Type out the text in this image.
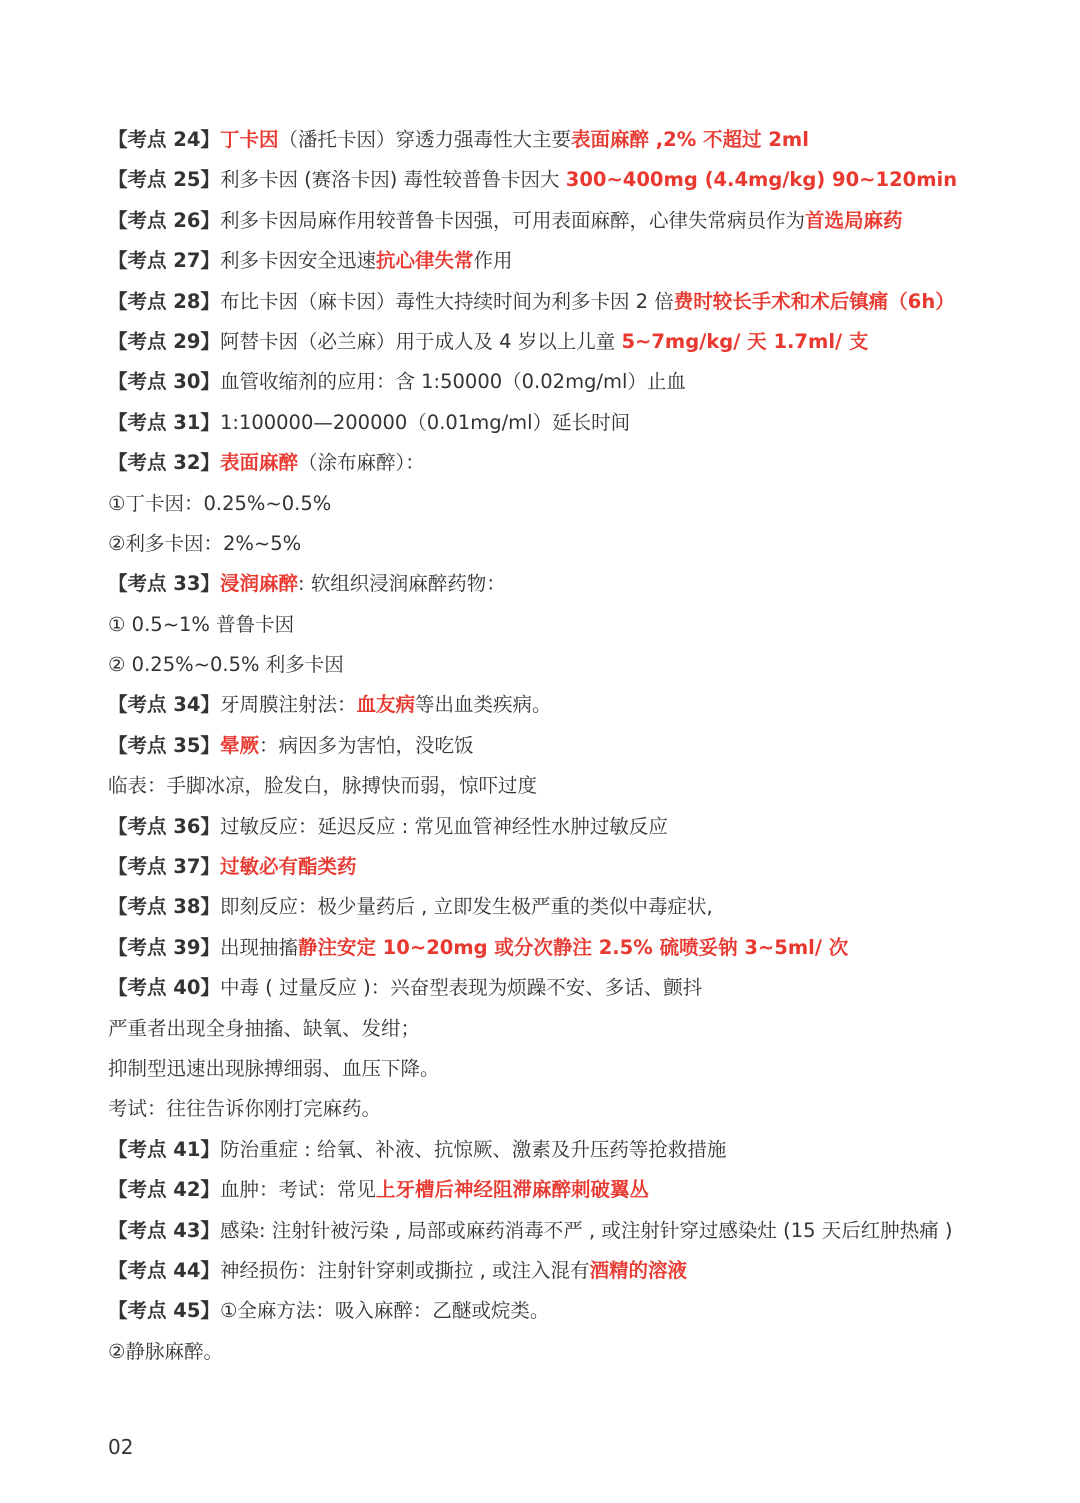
【考点 24】丁卡因（潘托卡因）穿透力强毒性大主要表面麻醉 ,2% 不超过 2ml
【考点 25】利多卡因 (赛洛卡因) 毒性较普鲁卡因大 300~400mg (4.4mg/kg) 90~120min
【考点 26】利多卡因局麻作用较普鲁卡因强，可用表面麻醉，心律失常病员作为首选局麻药
【考点 27】利多卡因安全迅速抗心律失常作用
【考点 28】布比卡因（麻卡因）毒性大持续时间为利多卡因 2 倍费时较长手术和术后镇痛（6h）
【考点 29】阿替卡因（必兰麻）用于成人及 4 岁以上儿童 5~7mg/kg/ 天 1.7ml/ 支
【考点 30】血管收缩剂的应用：含 1:50000（0.02mg/ml）止血
【考点 31】1:100000—200000（0.01mg/ml）延长时间
【考点 32】表面麻醉（涂布麻醉）：
①丁卡因：0.25%~0.5%
②利多卡因：2%~5%
【考点 33】浸润麻醉: 软组织浸润麻醉药物：
① 0.5~1% 普鲁卡因
② 0.25%~0.5% 利多卡因
【考点 34】牙周膜注射法：血友病等出血类疾病。
【考点 35】晕厥：病因多为害怕，没吃饭
临表：手脚冰凉，脸发白，脉搏快而弱，惊吓过度
【考点 36】过敏反应：延迟反应 : 常见血管神经性水肿过敏反应
【考点 37】过敏必有酯类药
【考点 38】即刻反应：极少量药后 , 立即发生极严重的类似中毒症状,
【考点 39】出现抽搐静注安定 10~20mg 或分次静注 2.5% 硫喷妥钠 3~5ml/ 次
【考点 40】中毒 ( 过量反应 )：兴奋型表现为烦躁不安、多话、颤抖
严重者出现全身抽搐、缺氧、发绀；
抑制型迅速出现脉搏细弱、血压下降。
考试：往往告诉你刚打完麻药。
【考点 41】防治重症 : 给氧、补液、抗惊厥、激素及升压药等抢救措施
【考点 42】血肿：考试：常见上牙槽后神经阻滞麻醉刺破翼丛
【考点 43】感染: 注射针被污染 , 局部或麻药消毒不严 , 或注射针穿过感染灶 (15 天后红肿热痛 )
【考点 44】神经损伤：注射针穿刺或撕拉 , 或注入混有酒精的溶液
【考点 45】①全麻方法：吸入麻醉：乙醚或烷类。
②静脉麻醉。
02
